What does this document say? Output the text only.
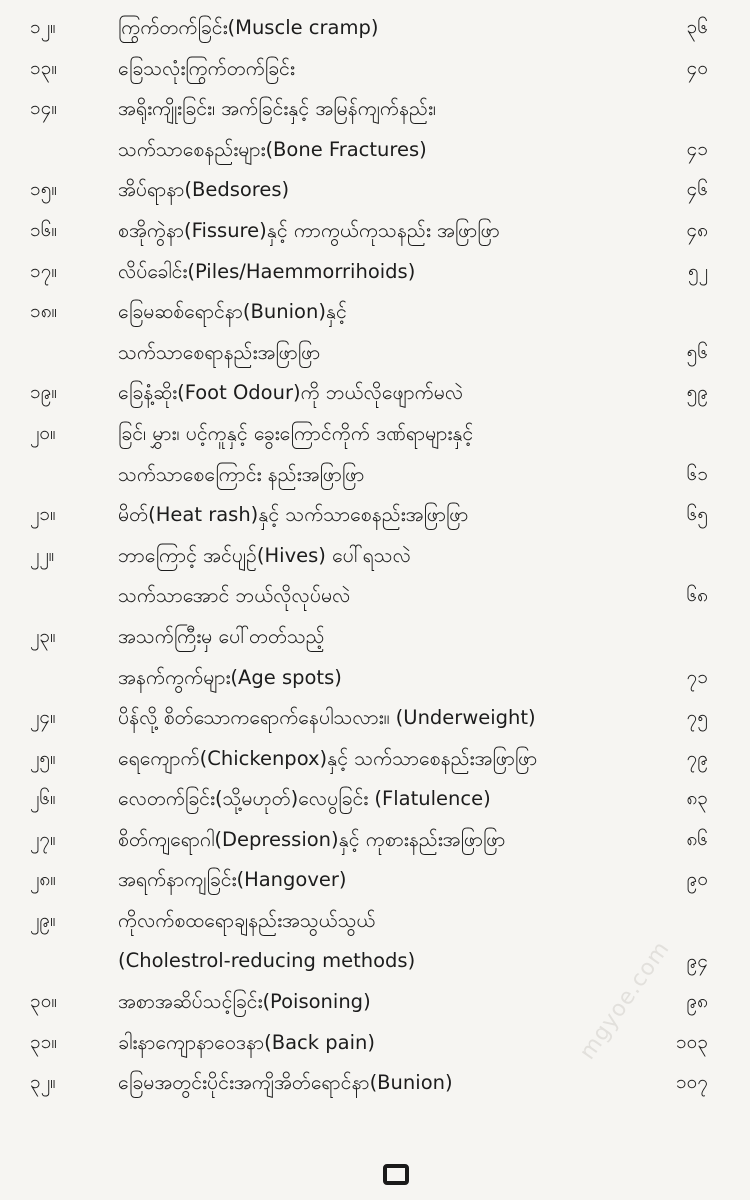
၁၂။	ကြွက်တက်ခြင်း(Muscle cramp)	၃၆
၁၃။	ခြေသလုံးကြွက်တက်ခြင်း	၄၀
၁၄။	အရိုးကျိုးခြင်း၊ အက်ခြင်းနှင့် အမြန်ကျက်နည်း၊
သက်သာစေနည်းများ(Bone Fractures)	၄၁
၁၅။	အိပ်ရာနာ(Bedsores)	၄၆
၁၆။	စအိုကွဲနာ(Fissure)နှင့် ကာကွယ်ကုသနည်း အဖြာဖြာ	၄၈
၁၇။	လိပ်ခေါင်း(Piles/Haemmorrihoids)	၅၂
၁၈။	ခြေမဆစ်ရောင်နာ(Bunion)နှင့်
သက်သာစေရာနည်းအဖြာဖြာ	၅၆
၁၉။	ခြေနံ့ဆိုး(Foot Odour)ကို ဘယ်လိုဖျောက်မလဲ	၅၉
၂၀။	ခြင်၊ မွှား၊ ပင့်ကူနှင့် ခွေးကြောင်ကိုက် ဒဏ်ရာများနှင့်
သက်သာစေကြောင်း နည်းအဖြာဖြာ	၆၁
၂၁။	မိတ်(Heat rash)နှင့် သက်သာစေနည်းအဖြာဖြာ	၆၅
၂၂။	ဘာကြောင့် အင်ပျဉ်(Hives) ပေါ်ရသလဲ
သက်သာအောင် ဘယ်လိုလုပ်မလဲ	၆၈
၂၃။	အသက်ကြီးမှ ပေါ်တတ်သည့်
အနက်ကွက်များ(Age spots)	၇၁
၂၄။	ပိန်လို့ စိတ်သောကရောက်နေပါသလား။ (Underweight)	၇၅
၂၅။	ရေကျောက်(Chickenpox)နှင့် သက်သာစေနည်းအဖြာဖြာ	၇၉
၂၆။	လေတက်ခြင်း(သို့မဟုတ်)လေပွခြင်း (Flatulence)	၈၃
၂၇။	စိတ်ကျရောဂါ(Depression)နှင့် ကုစားနည်းအဖြာဖြာ	၈၆
၂၈။	အရက်နာကျခြင်း(Hangover)	၉၀
၂၉။	ကိုလက်စထရောချနည်းအသွယ်သွယ်
(Cholestrol-reducing methods)	၉၄
၃၀။	အစာအဆိပ်သင့်ခြင်း(Poisoning)	၉၈
၃၁။	ခါးနာကျောနာဝေဒနာ(Back pain)	၁၀၃
၃၂။	ခြေမအတွင်းပိုင်းအကျိအိတ်ရောင်နာ(Bunion)	၁၀၇
mgyoe.com
